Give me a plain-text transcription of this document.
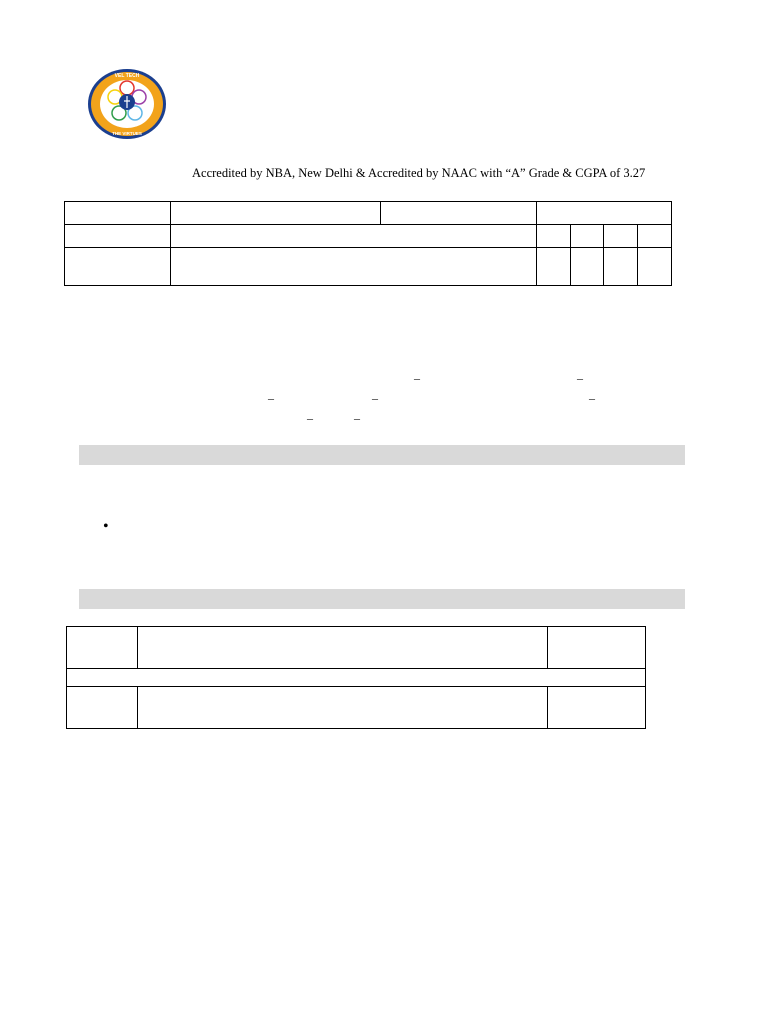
VEL TECH
THE VIRTUES
Accredited by NBA, New Delhi & Accredited by NAAC with “A” Grade & CGPA of 3.27

–	–
–	–	–
–	–
•
